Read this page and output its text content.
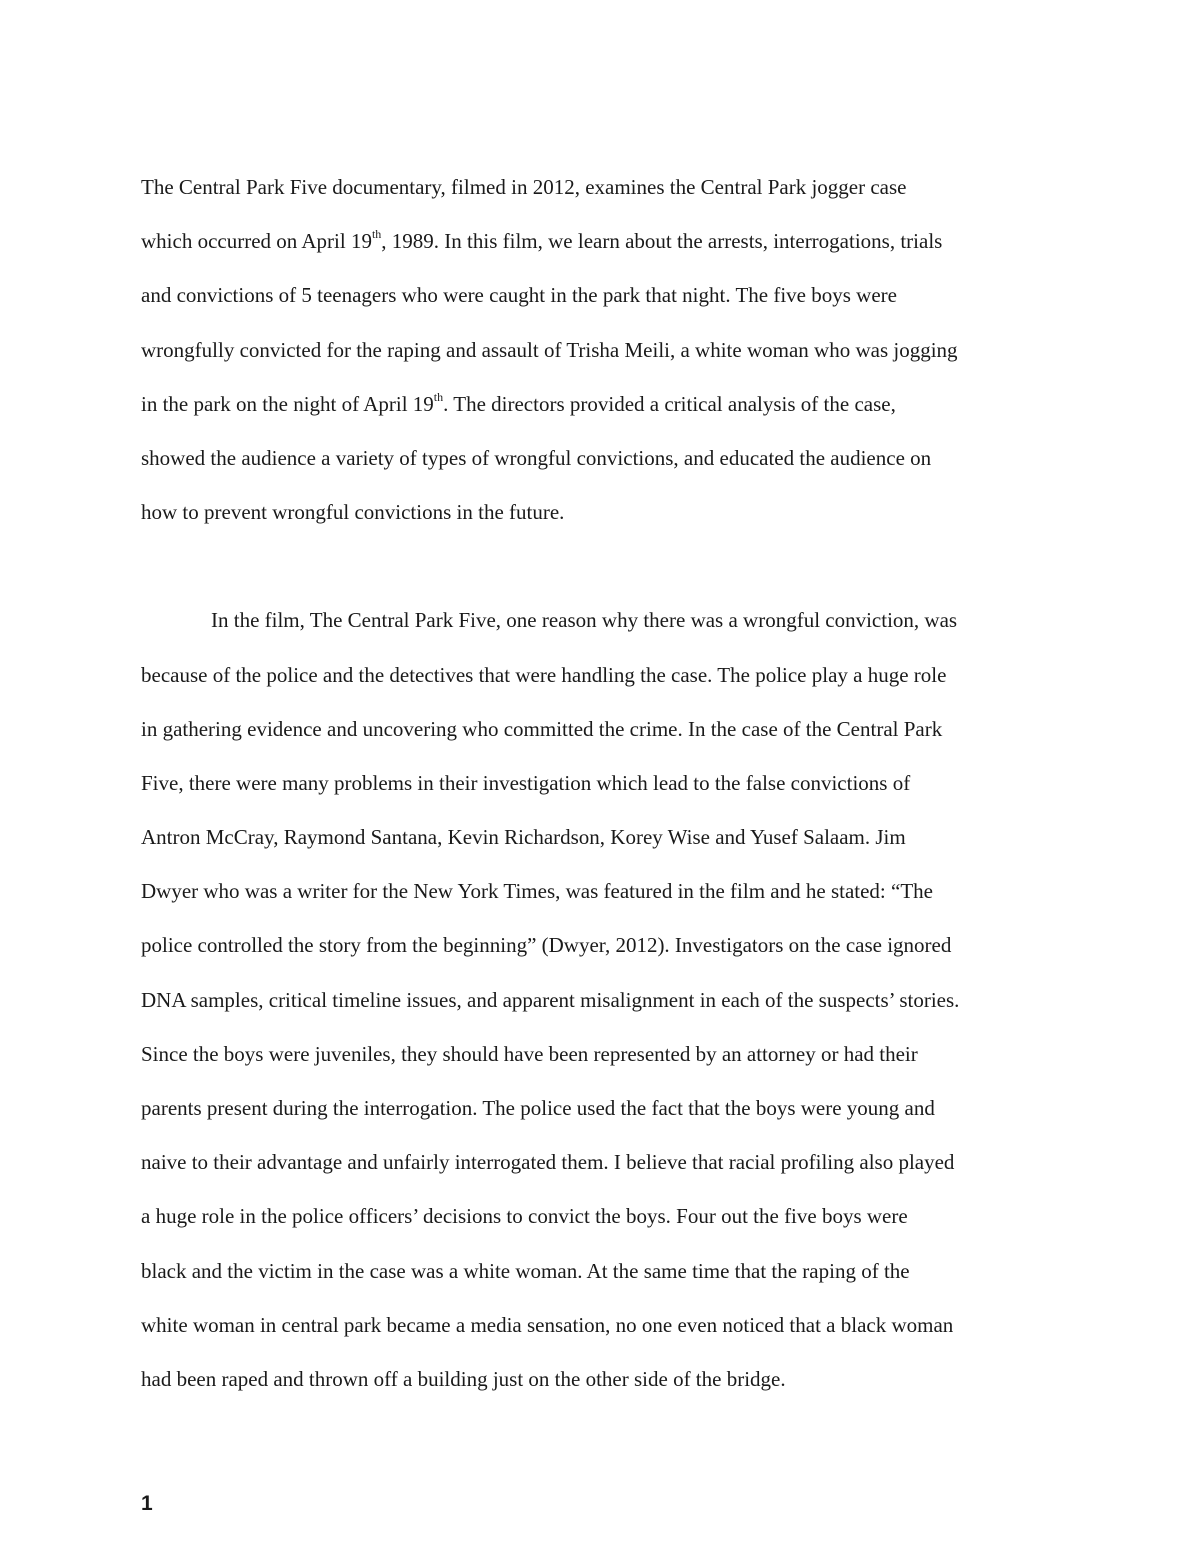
The Central Park Five documentary, filmed in 2012, examines the Central Park jogger case
which occurred on April 19th, 1989. In this film, we learn about the arrests, interrogations, trials
and convictions of 5 teenagers who were caught in the park that night. The five boys were
wrongfully convicted for the raping and assault of Trisha Meili, a white woman who was jogging
in the park on the night of April 19th. The directors provided a critical analysis of the case,
showed the audience a variety of types of wrongful convictions, and educated the audience on
how to prevent wrongful convictions in the future.
In the film, The Central Park Five, one reason why there was a wrongful conviction, was
because of the police and the detectives that were handling the case. The police play a huge role
in gathering evidence and uncovering who committed the crime. In the case of the Central Park
Five, there were many problems in their investigation which lead to the false convictions of
Antron McCray, Raymond Santana, Kevin Richardson, Korey Wise and Yusef Salaam. Jim
Dwyer who was a writer for the New York Times, was featured in the film and he stated: “The
police controlled the story from the beginning” (Dwyer, 2012). Investigators on the case ignored
DNA samples, critical timeline issues, and apparent misalignment in each of the suspects’ stories.
Since the boys were juveniles, they should have been represented by an attorney or had their
parents present during the interrogation. The police used the fact that the boys were young and
naive to their advantage and unfairly interrogated them. I believe that racial profiling also played
a huge role in the police officers’ decisions to convict the boys. Four out the five boys were
black and the victim in the case was a white woman. At the same time that the raping of the
white woman in central park became a media sensation, no one even noticed that a black woman
had been raped and thrown off a building just on the other side of the bridge.
1
